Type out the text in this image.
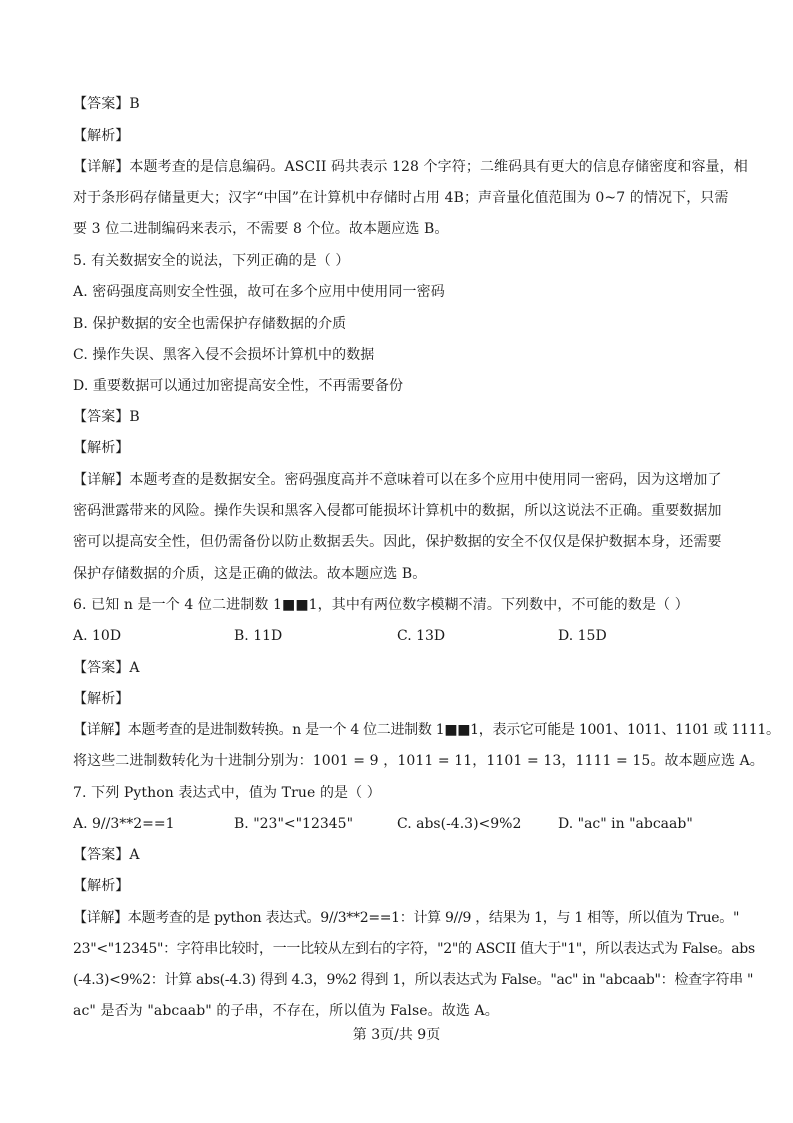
【答案】B
【解析】
【详解】本题考查的是信息编码。ASCII 码共表示 128 个字符；二维码具有更大的信息存储密度和容量，相
对于条形码存储量更大；汉字“中国”在计算机中存储时占用 4B；声音量化值范围为 0~7 的情况下，只需
要 3 位二进制编码来表示，不需要 8 个位。故本题应选 B。
5. 有关数据安全的说法，下列正确的是（ ）
A. 密码强度高则安全性强，故可在多个应用中使用同一密码
B. 保护数据的安全也需保护存储数据的介质
C. 操作失误、黑客入侵不会损坏计算机中的数据
D. 重要数据可以通过加密提高安全性，不再需要备份
【答案】B
【解析】
【详解】本题考查的是数据安全。密码强度高并不意味着可以在多个应用中使用同一密码，因为这增加了
密码泄露带来的风险。操作失误和黑客入侵都可能损坏计算机中的数据，所以这说法不正确。重要数据加
密可以提高安全性，但仍需备份以防止数据丢失。因此，保护数据的安全不仅仅是保护数据本身，还需要
保护存储数据的介质，这是正确的做法。故本题应选 B。
6. 已知 n 是一个 4 位二进制数 1■■1，其中有两位数字模糊不清。下列数中，不可能的数是（ ）
A. 10D	B. 11D	C. 13D	D. 15D
【答案】A
【解析】
【详解】本题考查的是进制数转换。n 是一个 4 位二进制数 1■■1，表示它可能是 1001、1011、1101 或 1111。
将这些二进制数转化为十进制分别为：1001 = 9 ，1011 = 11，1101 = 13，1111 = 15。故本题应选 A。
7. 下列 Python 表达式中，值为 True 的是（ ）
A. 9//3**2==1	B. "23"<"12345"	C. abs(-4.3)<9%2	D. "ac" in "abcaab"
【答案】A
【解析】
【详解】本题考查的是 python 表达式。9//3**2==1：计算 9//9 ，结果为 1，与 1 相等，所以值为 True。"
23"<"12345"：字符串比较时，一一比较从左到右的字符，"2"的 ASCII 值大于"1"，所以表达式为 False。abs
(-4.3)<9%2：计算 abs(-4.3) 得到 4.3，9%2 得到 1，所以表达式为 False。"ac" in "abcaab"：检查字符串 "
ac" 是否为 "abcaab" 的子串，不存在，所以值为 False。故选 A。
第 3页/共 9页
